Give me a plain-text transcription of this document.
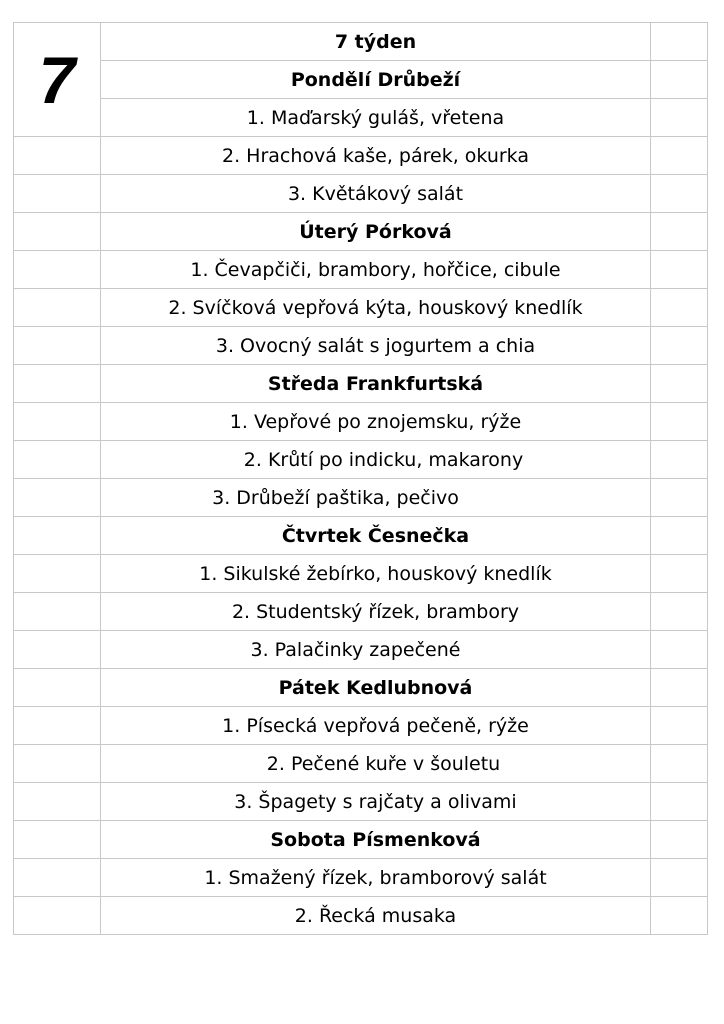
7	7 týden	
	Pondělí Drůbeží	
	1. Maďarský guláš, vřetena	
	2. Hrachová kaše, párek, okurka	
	3. Květákový salát	
	Úterý Pórková	
	1. Čevapčiči, brambory, hořčice, cibule	
	2. Svíčková vepřová kýta, houskový knedlík	
	3. Ovocný salát s jogurtem a chia	
	Středa Frankfurtská	
	1. Vepřové po znojemsku, rýže	
	2. Krůtí po indicku, makarony	
	3. Drůbeží paštika, pečivo	
	Čtvrtek Česnečka	
	1. Sikulské žebírko, houskový knedlík	
	2. Studentský řízek, brambory	
	3. Palačinky zapečené	
	Pátek Kedlubnová	
	1. Písecká vepřová pečeně, rýže	
	2. Pečené kuře v šouletu	
	3. Špagety s rajčaty a olivami	
	Sobota Písmenková	
	1. Smažený řízek, bramborový salát	
	2. Řecká musaka	
